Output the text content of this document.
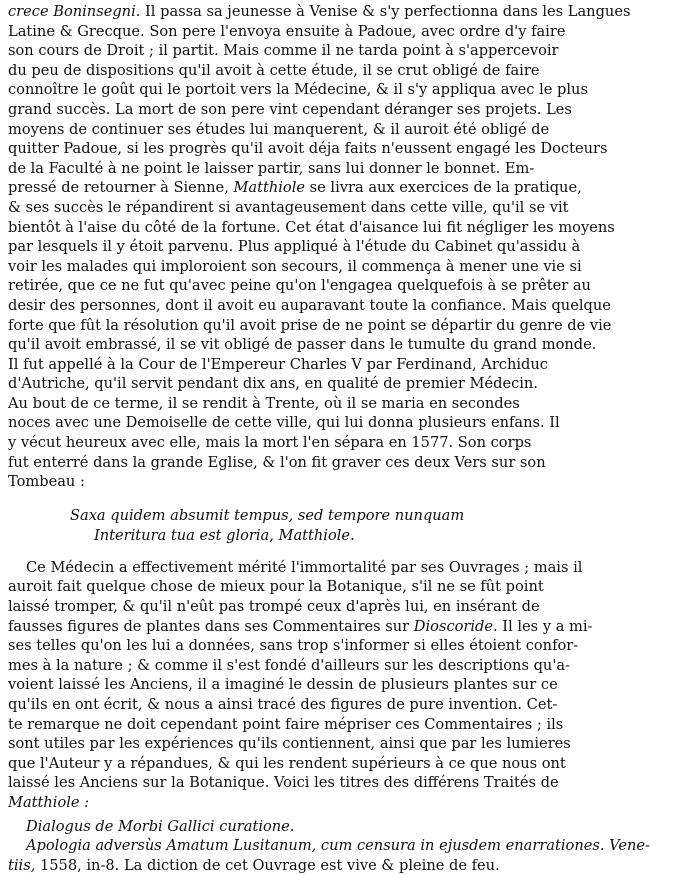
crece Boninsegni. Il passa sa jeunesse à Venise & s'y perfectionna dans les Langues
Latine & Grecque. Son pere l'envoya ensuite à Padoue, avec ordre d'y faire
son cours de Droit ; il partit. Mais comme il ne tarda point à s'appercevoir
du peu de dispositions qu'il avoit à cette étude, il se crut obligé de faire
connoître le goût qui le portoit vers la Médecine, & il s'y appliqua avec le plus
grand succès. La mort de son pere vint cependant déranger ses projets. Les
moyens de continuer ses études lui manquerent, & il auroit été obligé de
quitter Padoue, si les progrès qu'il avoit déja faits n'eussent engagé les Docteurs
de la Faculté à ne point le laisser partir, sans lui donner le bonnet. Em-
pressé de retourner à Sienne, Matthiole se livra aux exercices de la pratique,
& ses succès le répandirent si avantageusement dans cette ville, qu'il se vit
bientôt à l'aise du côté de la fortune. Cet état d'aisance lui fit négliger les moyens
par lesquels il y étoit parvenu. Plus appliqué à l'étude du Cabinet qu'assidu à
voir les malades qui imploroient son secours, il commença à mener une vie si
retirée, que ce ne fut qu'avec peine qu'on l'engagea quelquefois à se prêter au
desir des personnes, dont il avoit eu auparavant toute la confiance. Mais quelque
forte que fût la résolution qu'il avoit prise de ne point se départir du genre de vie
qu'il avoit embrassé, il se vit obligé de passer dans le tumulte du grand monde.
Il fut appellé à la Cour de l'Empereur Charles V par Ferdinand, Archiduc
d'Autriche, qu'il servit pendant dix ans, en qualité de premier Médecin.
Au bout de ce terme, il se rendit à Trente, où il se maria en secondes
noces avec une Demoiselle de cette ville, qui lui donna plusieurs enfans. Il
y vécut heureux avec elle, mais la mort l'en sépara en 1577. Son corps
fut enterré dans la grande Eglise, & l'on fit graver ces deux Vers sur son
Tombeau :
Saxa quidem absumit tempus, sed tempore nunquam
Interitura tua est gloria, Matthiole.
Ce Médecin a effectivement mérité l'immortalité par ses Ouvrages ; mais il
auroit fait quelque chose de mieux pour la Botanique, s'il ne se fût point
laissé tromper, & qu'il n'eût pas trompé ceux d'après lui, en insérant de
fausses figures de plantes dans ses Commentaires sur Dioscoride. Il les y a mi-
ses telles qu'on les lui a données, sans trop s'informer si elles étoient confor-
mes à la nature ; & comme il s'est fondé d'ailleurs sur les descriptions qu'a-
voient laissé les Anciens, il a imaginé le dessin de plusieurs plantes sur ce
qu'ils en ont écrit, & nous a ainsi tracé des figures de pure invention. Cet-
te remarque ne doit cependant point faire mépriser ces Commentaires ; ils
sont utiles par les expériences qu'ils contiennent, ainsi que par les lumieres
que l'Auteur y a répandues, & qui les rendent supérieurs à ce que nous ont
laissé les Anciens sur la Botanique. Voici les titres des différens Traités de
Matthiole :
Dialogus de Morbi Gallici curatione.
Apologia adversùs Amatum Lusitanum, cum censura in ejusdem enarrationes. Vene-
tiis, 1558, in-8. La diction de cet Ouvrage est vive & pleine de feu.
